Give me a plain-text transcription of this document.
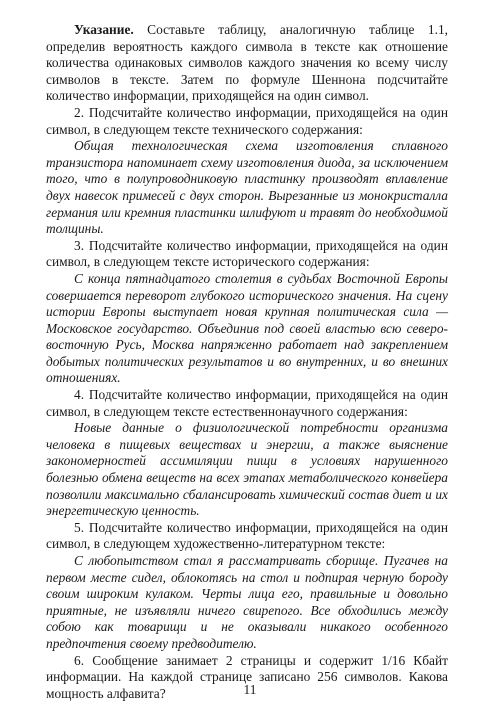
Указание. Составьте таблицу, аналогичную таблице 1.1, определив вероятность каждого символа в тексте как отношение количества одинаковых символов каждого значения ко всему числу символов в тексте. Затем по формуле Шеннона подсчитайте количество информации, приходящейся на один символ.

2. Подсчитайте количество информации, приходящейся на один символ, в следующем тексте технического содержания:

Общая технологическая схема изготовления сплавного транзистора напоминает схему изготовления диода, за исключением того, что в полупроводниковую пластинку производят вплавление двух навесок примесей с двух сторон. Вырезанные из монокристалла германия или кремния пластинки шлифуют и травят до необходимой толщины.

3. Подсчитайте количество информации, приходящейся на один символ, в следующем тексте исторического содержания:

С конца пятнадцатого столетия в судьбах Восточной Европы совершается переворот глубокого исторического значения. На сцену истории Европы выступает новая крупная политическая сила — Московское государство. Объединив под своей властью всю северо-восточную Русь, Москва напряженно работает над закреплением добытых политических результатов и во внутренних, и во внешних отношениях.

4. Подсчитайте количество информации, приходящейся на один символ, в следующем тексте естественнонаучного содержания:

Новые данные о физиологической потребности организма человека в пищевых веществах и энергии, а также выяснение закономерностей ассимиляции пищи в условиях нарушенного болезнью обмена веществ на всех этапах метаболического конвейера позволили максимально сбалансировать химический состав диет и их энергетическую ценность.

5. Подсчитайте количество информации, приходящейся на один символ, в следующем художественно-литературном тексте:

С любопытством стал я рассматривать сборище. Пугачев на первом месте сидел, облокотясь на стол и подпирая черную бороду своим широким кулаком. Черты лица его, правильные и довольно приятные, не изъявляли ничего свирепого. Все обходились между собою как товарищи и не оказывали никакого особенного предпочтения своему предводителю.

6. Сообщение занимает 2 страницы и содержит 1/16 Кбайт информации. На каждой странице записано 256 символов. Какова мощность алфавита?	11
